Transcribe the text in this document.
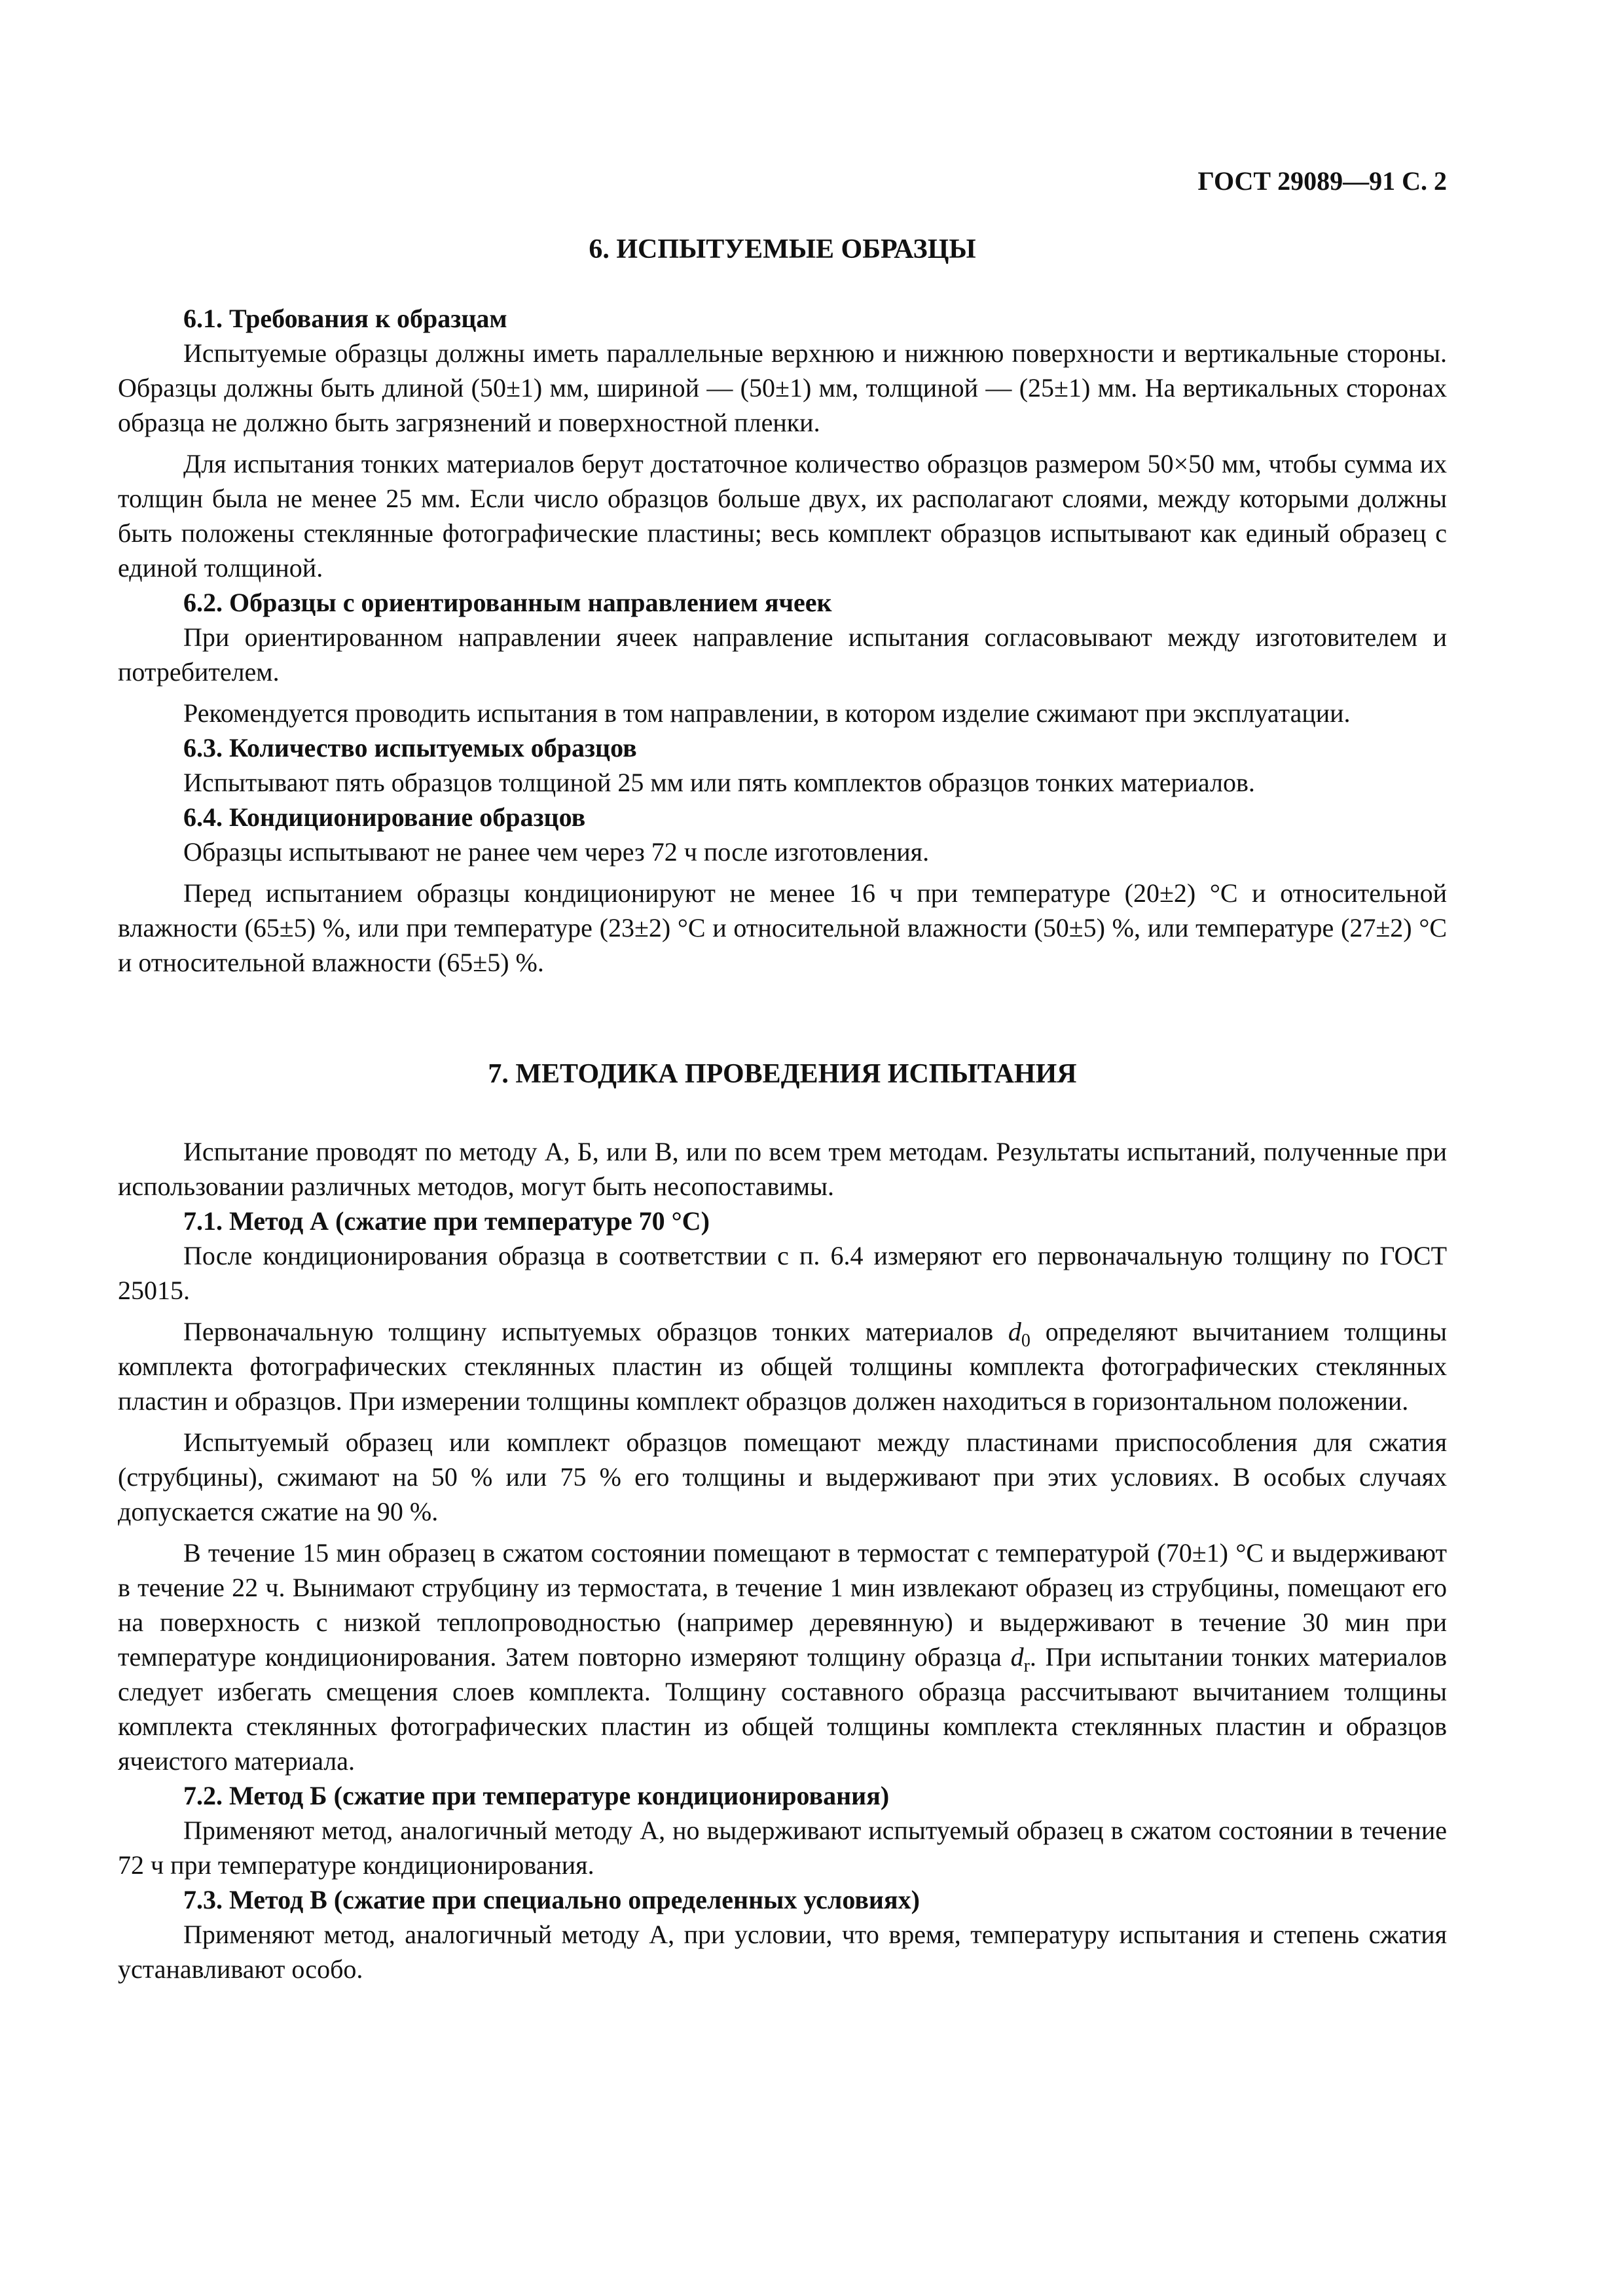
ГОСТ 29089—91 С. 2
6. ИСПЫТУЕМЫЕ ОБРАЗЦЫ
6.1. Требования к образцам

Испытуемые образцы должны иметь параллельные верхнюю и нижнюю поверхности и вертикальные стороны. Образцы должны быть длиной (50±1) мм, шириной — (50±1) мм, толщиной — (25±1) мм. На вертикальных сторонах образца не должно быть загрязнений и поверхностной пленки.

Для испытания тонких материалов берут достаточное количество образцов размером 50×50 мм, чтобы сумма их толщин была не менее 25 мм. Если число образцов больше двух, их располагают слоями, между которыми должны быть положены стеклянные фотографические пластины; весь комплект образцов испытывают как единый образец с единой толщиной.

6.2. Образцы с ориентированным направлением ячеек

При ориентированном направлении ячеек направление испытания согласовывают между изготовителем и потребителем.

Рекомендуется проводить испытания в том направлении, в котором изделие сжимают при эксплуатации.

6.3. Количество испытуемых образцов

Испытывают пять образцов толщиной 25 мм или пять комплектов образцов тонких материалов.

6.4. Кондиционирование образцов

Образцы испытывают не ранее чем через 72 ч после изготовления.

Перед испытанием образцы кондиционируют не менее 16 ч при температуре (20±2) °С и относительной влажности (65±5) %, или при температуре (23±2) °С и относительной влажности (50±5) %, или температуре (27±2) °С и относительной влажности (65±5) %.

7. МЕТОДИКА ПРОВЕДЕНИЯ ИСПЫТАНИЯ

Испытание проводят по методу А, Б, или В, или по всем трем методам. Результаты испытаний, полученные при использовании различных методов, могут быть несопоставимы.

7.1. Метод А (сжатие при температуре 70 °С)

После кондиционирования образца в соответствии с п. 6.4 измеряют его первоначальную толщину по ГОСТ 25015.

Первоначальную толщину испытуемых образцов тонких материалов $d_0$ определяют вычитанием толщины комплекта фотографических стеклянных пластин из общей толщины комплекта фотографических стеклянных пластин и образцов. При измерении толщины комплект образцов должен находиться в горизонтальном положении.

Испытуемый образец или комплект образцов помещают между пластинами приспособления для сжатия (струбцины), сжимают на 50 % или 75 % его толщины и выдерживают при этих условиях. В особых случаях допускается сжатие на 90 %.

В течение 15 мин образец в сжатом состоянии помещают в термостат с температурой (70±1) °С и выдерживают в течение 22 ч. Вынимают струбцину из термостата, в течение 1 мин извлекают образец из струбцины, помещают его на поверхность с низкой теплопроводностью (например деревянную) и выдерживают в течение 30 мин при температуре кондиционирования. Затем повторно измеряют толщину образца $d_r$. При испытании тонких материалов следует избегать смещения слоев комплекта. Толщину составного образца рассчитывают вычитанием толщины комплекта стеклянных фотографических пластин из общей толщины комплекта стеклянных пластин и образцов ячеистого материала.

7.2. Метод Б (сжатие при температуре кондиционирования)

Применяют метод, аналогичный методу А, но выдерживают испытуемый образец в сжатом состоянии в течение 72 ч при температуре кондиционирования.

7.3. Метод В (сжатие при специально определенных условиях)

Применяют метод, аналогичный методу А, при условии, что время, температуру испытания и степень сжатия устанавливают особо.
